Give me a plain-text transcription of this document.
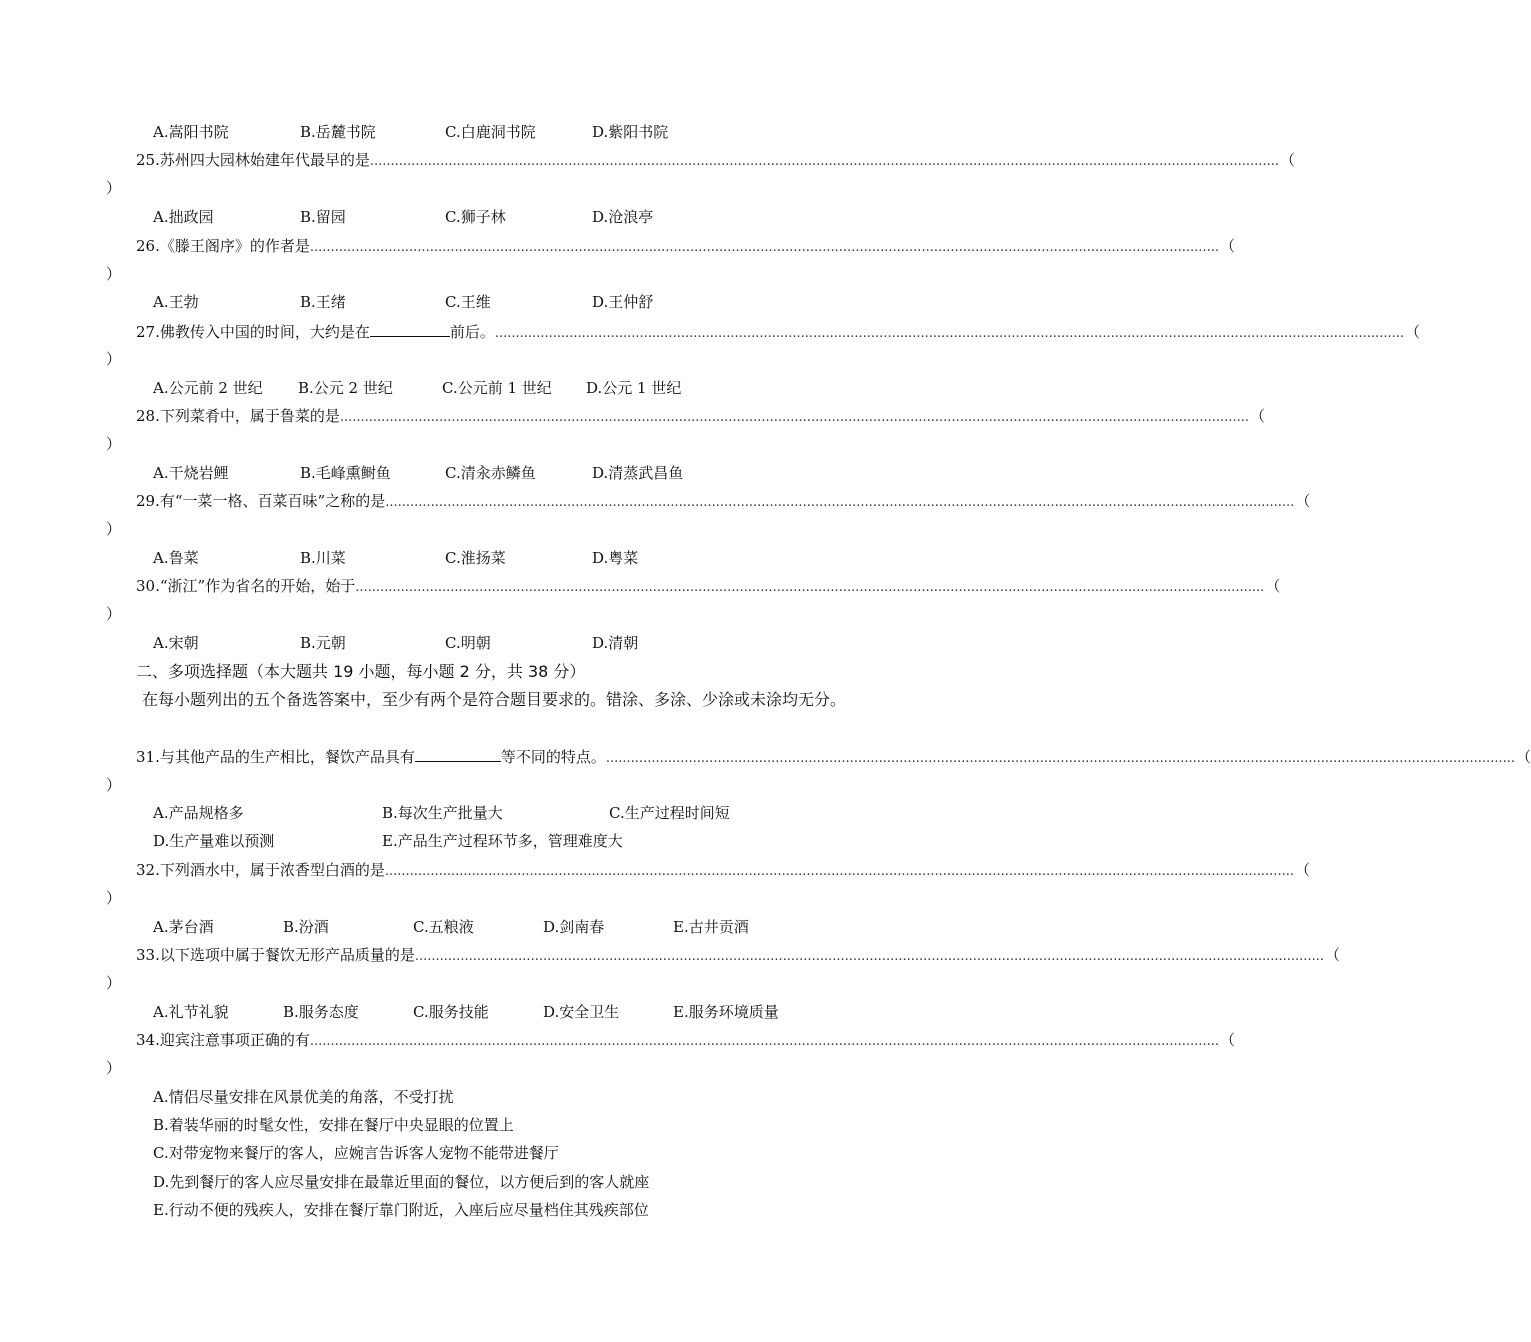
A.嵩阳书院	B.岳麓书院	C.白鹿洞书院	D.紫阳书院
25.苏州四大园林始建年代最早的是 ............................................................................................................................................................................................................................ （
）
A.拙政园	B.留园	C.狮子林	D.沧浪亭
26.《滕王阁序》的作者是 ............................................................................................................................................................................................................................ （
）
A.王勃	B.王绪	C.王维	D.王仲舒
27.佛教传入中国的时间，大约是在	前后。 ............................................................................................................................................................................................................................ （
）
A.公元前 2 世纪 B.公元 2 世纪	C.公元前 1 世纪 D.公元 1 世纪
28.下列菜肴中，属于鲁菜的是 ............................................................................................................................................................................................................................ （
）
A.干烧岩鲤	B.毛峰熏鲥鱼	C.清汆赤鳞鱼	D.清蒸武昌鱼
29.有“一菜一格、百菜百味”之称的是 ............................................................................................................................................................................................................................ （
）
A.鲁菜	B.川菜	C.淮扬菜	D.粤菜
30.“浙江”作为省名的开始，始于 ............................................................................................................................................................................................................................ （
）
A.宋朝	B.元朝	C.明朝	D.清朝
二、多项选择题（本大题共 19 小题，每小题 2 分，共 38 分）
在每小题列出的五个备选答案中，至少有两个是符合题目要求的。错涂、多涂、少涂或未涂均无分。
31.与其他产品的生产相比，餐饮产品具有	等不同的特点。 ............................................................................................................................................................................................................................ （
）
A.产品规格多	B.每次生产批量大	C.生产过程时间短
D.生产量难以预测	E.产品生产过程环节多，管理难度大
32.下列酒水中，属于浓香型白酒的是 ............................................................................................................................................................................................................................ （
）
A.茅台酒	B.汾酒	C.五粮液	D.剑南春	E.古井贡酒
33.以下选项中属于餐饮无形产品质量的是 ............................................................................................................................................................................................................................ （
）
A.礼节礼貌	B.服务态度	C.服务技能	D.安全卫生	E.服务环境质量
34.迎宾注意事项正确的有 ............................................................................................................................................................................................................................ （
）
A.情侣尽量安排在风景优美的角落，不受打扰
B.着装华丽的时髦女性，安排在餐厅中央显眼的位置上
C.对带宠物来餐厅的客人，应婉言告诉客人宠物不能带进餐厅
D.先到餐厅的客人应尽量安排在最靠近里面的餐位，以方便后到的客人就座
E.行动不便的残疾人，安排在餐厅靠门附近，入座后应尽量档住其残疾部位
